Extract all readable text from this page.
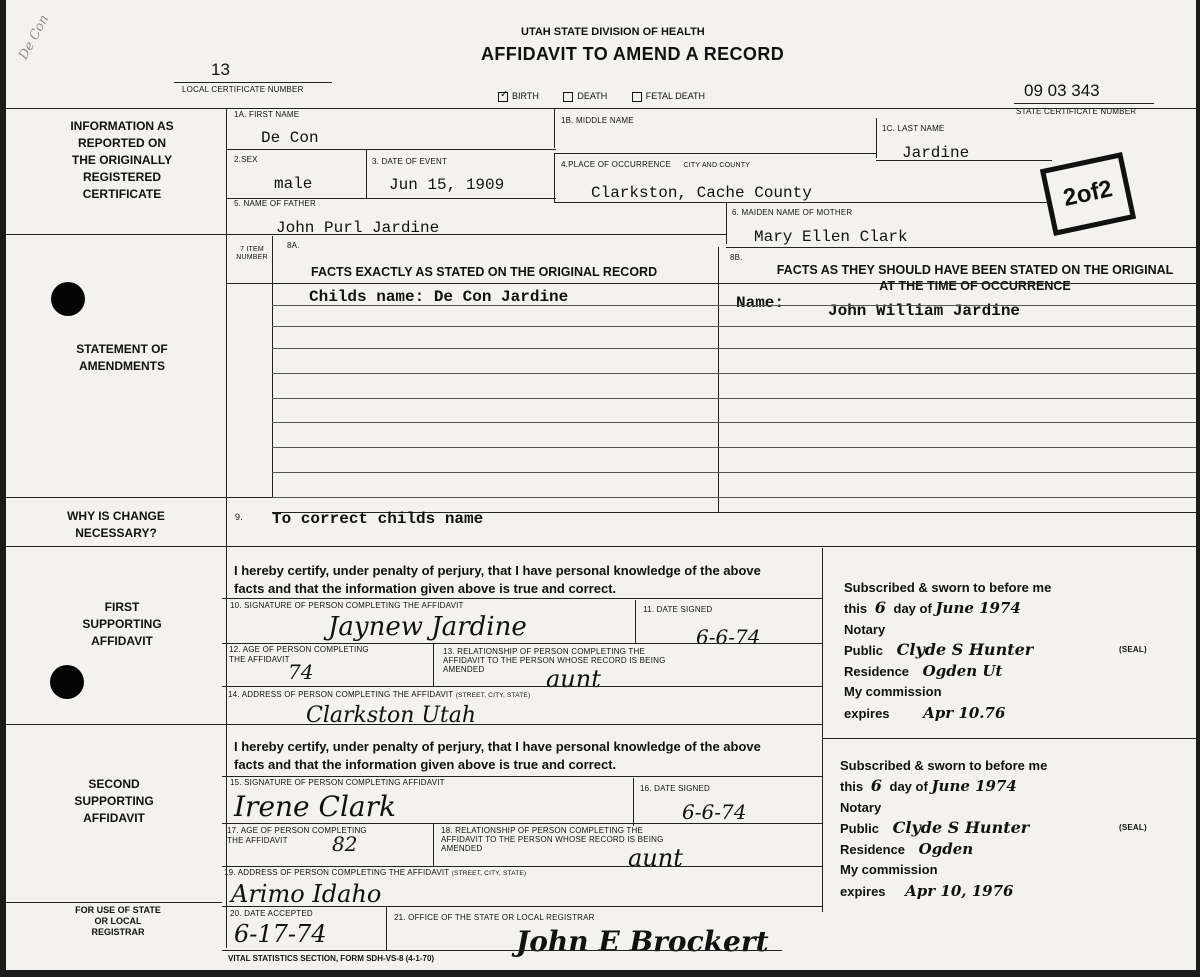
UTAH STATE DIVISION OF HEALTH
AFFIDAVIT TO AMEND A RECORD
13
LOCAL CERTIFICATE NUMBER	09 03 343
STATE CERTIFICATE NUMBER
✓ BIRTH	DEATH	FETAL DEATH
De Con
2of2
INFORMATION AS REPORTED ON THE ORIGINALLY REGISTERED CERTIFICATE
1A. FIRST NAME
De Con
1B. MIDDLE NAME
1C. LAST NAME
Jardine
2.SEX
male
3. DATE OF EVENT
Jun 15, 1909
4.PLACE OF OCCURRENCE CITY AND COUNTY
Clarkston, Cache County
5. NAME OF FATHER
John Purl Jardine
6. MAIDEN NAME OF MOTHER
Mary Ellen Clark
STATEMENT OF AMENDMENTS
7 ITEM NUMBER
8A.
FACTS EXACTLY AS STATED ON THE ORIGINAL RECORD
8B.
FACTS AS THEY SHOULD HAVE BEEN STATED ON THE ORIGINAL AT THE TIME OF OCCURRENCE
Childs name: De Con Jardine	Name:	John William Jardine
WHY IS CHANGE NECESSARY?
9. To correct childs name
FIRST SUPPORTING AFFIDAVIT
I hereby certify, under penalty of perjury, that I have personal knowledge of the above facts and that the information given above is true and correct.
10. SIGNATURE OF PERSON COMPLETING THE AFFIDAVIT
Jaynew Jardine
11. DATE SIGNED
6-6-74
12. AGE OF PERSON COMPLETING THE AFFIDAVIT
74
13. RELATIONSHIP OF PERSON COMPLETING THE AFFIDAVIT TO THE PERSON WHOSE RECORD IS BEING AMENDED	aunt
14. ADDRESS OF PERSON COMPLETING THE AFFIDAVIT (STREET, CITY, STATE)
Clarkston Utah
Subscribed & sworn to before me
this 6 day of June 1974
Notary
Public Clyde S Hunter	(SEAL)
Residence Ogden Ut
My commission
expires Apr 10.76
SECOND SUPPORTING AFFIDAVIT
I hereby certify, under penalty of perjury, that I have personal knowledge of the above facts and that the information given above is true and correct.
15. SIGNATURE OF PERSON COMPLETING AFFIDAVIT
Irene Clark
16. DATE SIGNED
6-6-74
17. AGE OF PERSON COMPLETING THE AFFIDAVIT	82
18. RELATIONSHIP OF PERSON COMPLETING THE AFFIDAVIT TO THE PERSON WHOSE RECORD IS BEING AMENDED	aunt
19. ADDRESS OF PERSON COMPLETING THE AFFIDAVIT (STREET, CITY, STATE)
Arimo Idaho
Subscribed & sworn to before me
this 6 day of June 1974
Notary
Public Clyde S Hunter	(SEAL)
Residence Ogden
My commission
expires Apr 10, 1976
FOR USE OF STATE OR LOCAL REGISTRAR
20. DATE ACCEPTED
6-17-74
21. OFFICE OF THE STATE OR LOCAL REGISTRAR
John E Brockert
VITAL STATISTICS SECTION, FORM SDH-VS-8 (4-1-70)
